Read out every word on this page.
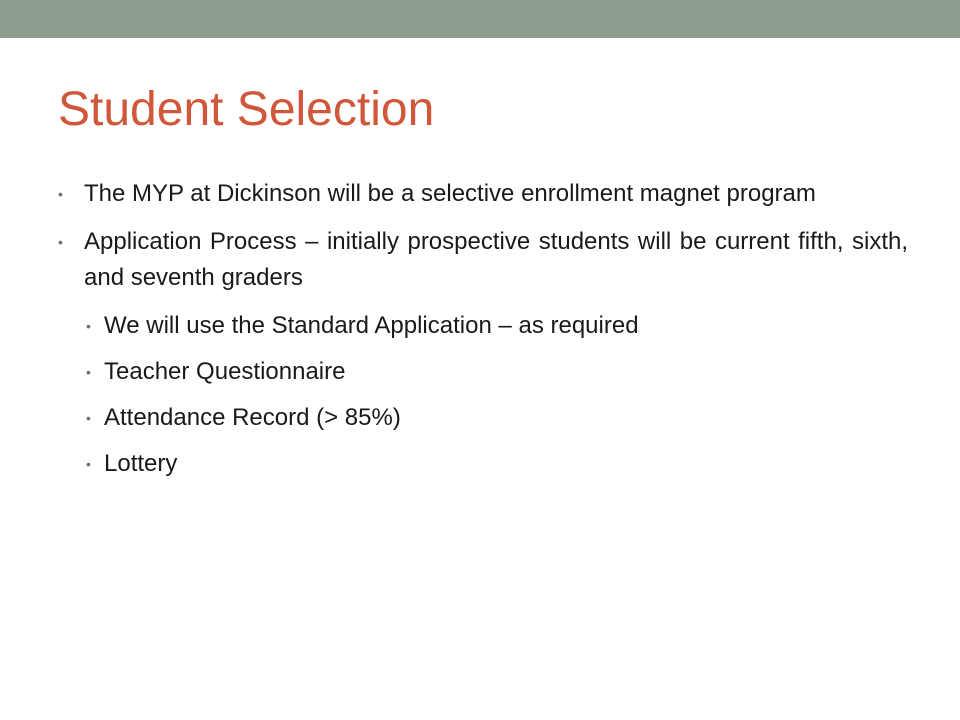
Student Selection
• The MYP at Dickinson will be a selective enrollment magnet program
• Application Process – initially prospective students will be current fifth, sixth, and seventh graders
• We will use the Standard Application – as required
• Teacher Questionnaire
• Attendance Record (> 85%)
• Lottery
